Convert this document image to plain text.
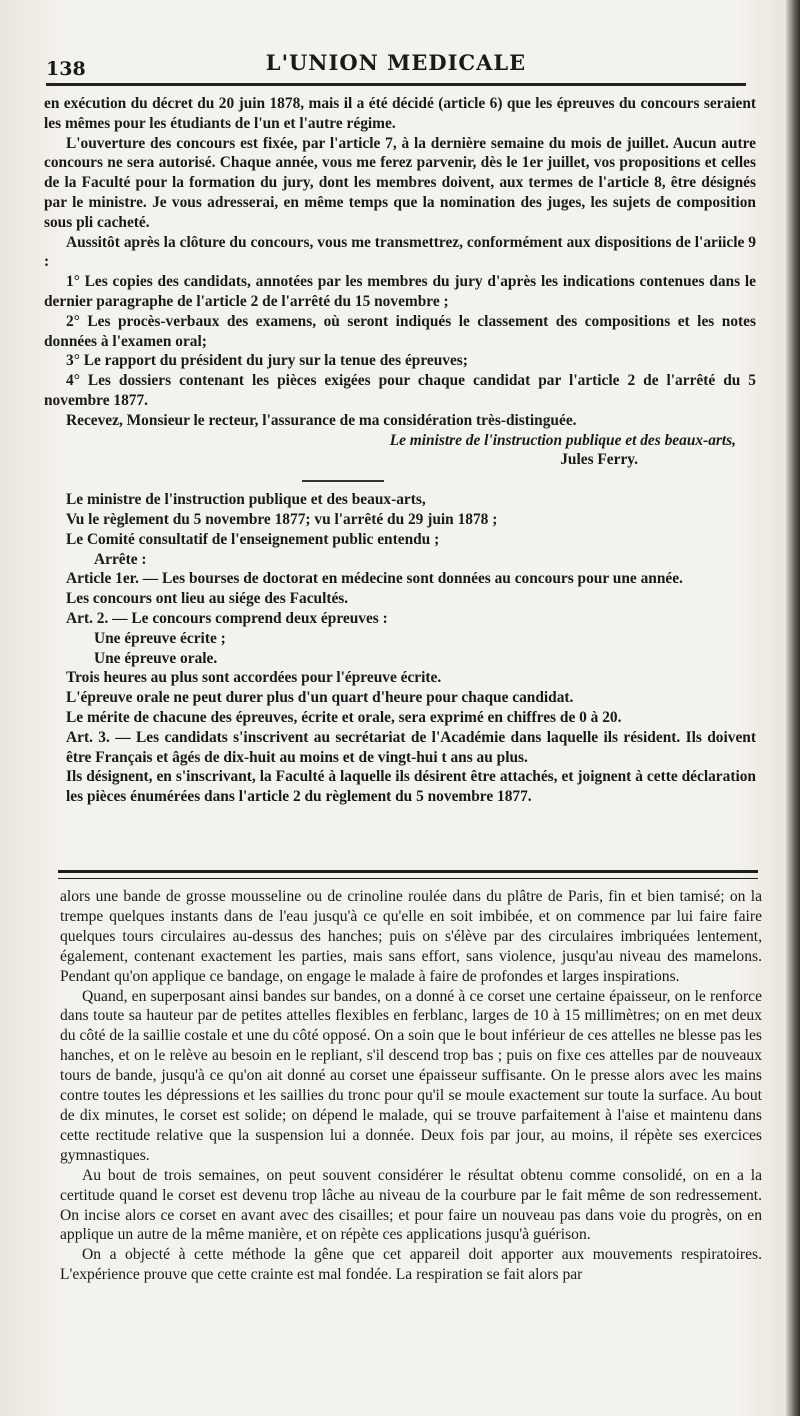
138	L'UNION MEDICALE

en exécution du décret du 20 juin 1878, mais il a été décidé (article 6) que les épreuves du concours seraient les mêmes pour les étudiants de l'un et l'autre régime.

L'ouverture des concours est fixée, par l'article 7, à la dernière semaine du mois de juillet. Aucun autre concours ne sera autorisé. Chaque année, vous me ferez parvenir, dès le 1er juillet, vos propositions et celles de la Faculté pour la formation du jury, dont les membres doivent, aux termes de l'article 8, être désignés par le ministre. Je vous adresserai, en même temps que la nomination des juges, les sujets de composition sous pli cacheté.

Aussitôt après la clôture du concours, vous me transmettrez, conformément aux dispositions de l'ariicle 9 :

1° Les copies des candidats, annotées par les membres du jury d'après les indications contenues dans le dernier paragraphe de l'article 2 de l'arrêté du 15 novembre ;

2° Les procès-verbaux des examens, où seront indiqués le classement des compositions et les notes données à l'examen oral;

3° Le rapport du président du jury sur la tenue des épreuves;

4° Les dossiers contenant les pièces exigées pour chaque candidat par l'article 2 de l'arrêté du 5 novembre 1877.

Recevez, Monsieur le recteur, l'assurance de ma considération très-distinguée.

Le ministre de l'instruction publique et des beaux-arts,

Jules Ferry.

Le ministre de l'instruction publique et des beaux-arts,

Vu le règlement du 5 novembre 1877; vu l'arrêté du 29 juin 1878 ;

Le Comité consultatif de l'enseignement public entendu ;

Arrête :

Article 1er. — Les bourses de doctorat en médecine sont données au concours pour une année.

Les concours ont lieu au siége des Facultés.

Art. 2. — Le concours comprend deux épreuves :

Une épreuve écrite ;

Une épreuve orale.

Trois heures au plus sont accordées pour l'épreuve écrite.

L'épreuve orale ne peut durer plus d'un quart d'heure pour chaque candidat.

Le mérite de chacune des épreuves, écrite et orale, sera exprimé en chiffres de 0 à 20.

Art. 3. — Les candidats s'inscrivent au secrétariat de l'Académie dans laquelle ils résident. Ils doivent être Français et âgés de dix-huit au moins et de vingt-hui t ans au plus.

Ils désignent, en s'inscrivant, la Faculté à laquelle ils désirent être attachés, et joignent à cette déclaration les pièces énumérées dans l'article 2 du règlement du 5 novembre 1877.

alors une bande de grosse mousseline ou de crinoline roulée dans du plâtre de Paris, fin et bien tamisé; on la trempe quelques instants dans de l'eau jusqu'à ce qu'elle en soit imbibée, et on commence par lui faire faire quelques tours circulaires au-dessus des hanches; puis on s'élève par des circulaires imbriquées lentement, également, contenant exactement les parties, mais sans effort, sans violence, jusqu'au niveau des mamelons. Pendant qu'on applique ce bandage, on engage le malade à faire de profondes et larges inspirations.

Quand, en superposant ainsi bandes sur bandes, on a donné à ce corset une certaine épaisseur, on le renforce dans toute sa hauteur par de petites attelles flexibles en ferblanc, larges de 10 à 15 millimètres; on en met deux du côté de la saillie costale et une du côté opposé. On a soin que le bout inférieur de ces attelles ne blesse pas les hanches, et on le relève au besoin en le repliant, s'il descend trop bas ; puis on fixe ces attelles par de nouveaux tours de bande, jusqu'à ce qu'on ait donné au corset une épaisseur suffisante. On le presse alors avec les mains contre toutes les dépressions et les saillies du tronc pour qu'il se moule exactement sur toute la surface. Au bout de dix minutes, le corset est solide; on dépend le malade, qui se trouve parfaitement à l'aise et maintenu dans cette rectitude relative que la suspension lui a donnée. Deux fois par jour, au moins, il répète ses exercices gymnastiques.

Au bout de trois semaines, on peut souvent considérer le résultat obtenu comme consolidé, on en a la certitude quand le corset est devenu trop lâche au niveau de la courbure par le fait même de son redressement. On incise alors ce corset en avant avec des cisailles; et pour faire un nouveau pas dans voie du progrès, on en applique un autre de la même manière, et on répète ces applications jusqu'à guérison.

On a objecté à cette méthode la gêne que cet appareil doit apporter aux mouvements respiratoires. L'expérience prouve que cette crainte est mal fondée. La respiration se fait alors par
